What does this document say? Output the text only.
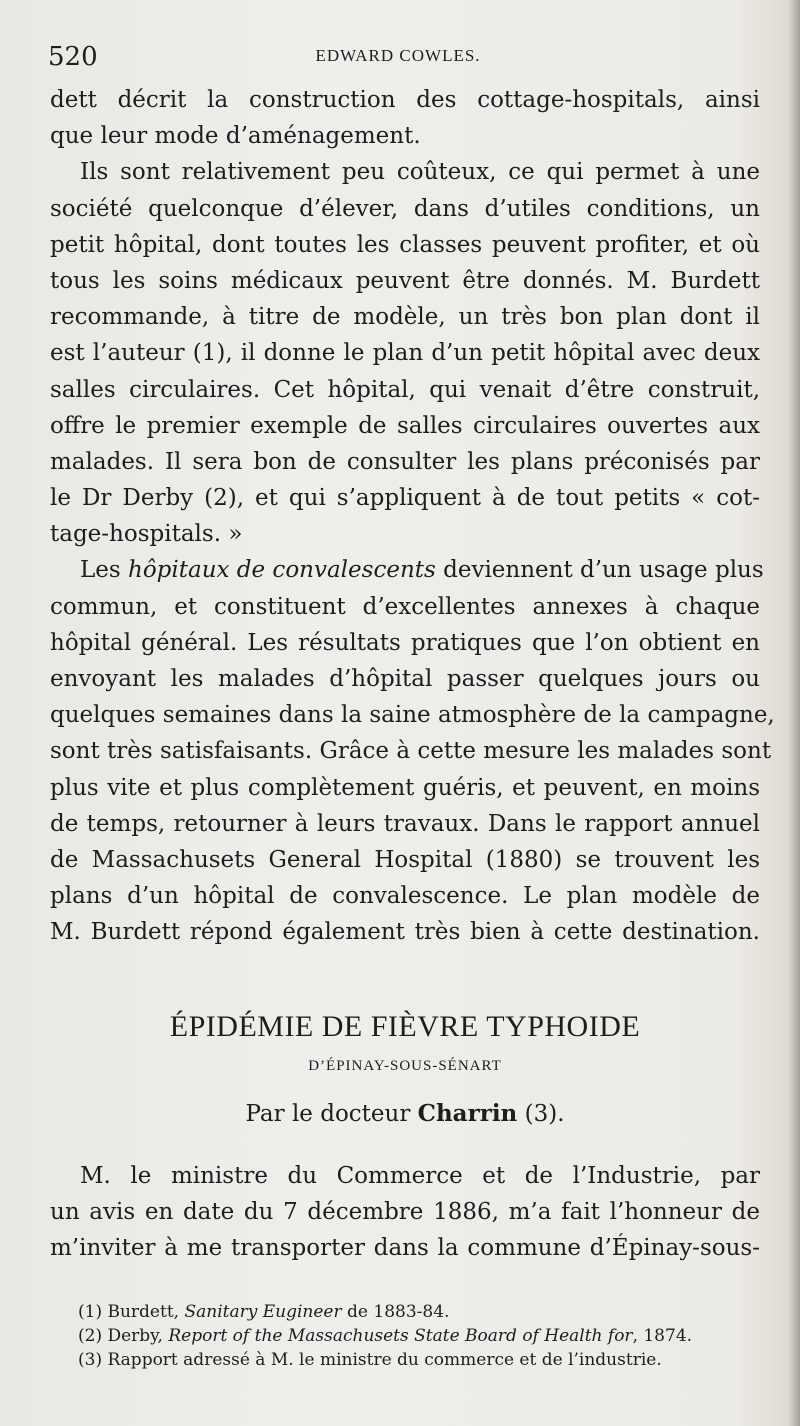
520	EDWARD COWLES.
dett décrit la construction des cottage-hospitals, ainsi
que leur mode d’aménagement.
Ils sont relativement peu coûteux, ce qui permet à une
société quelconque d’élever, dans d’utiles conditions, un
petit hôpital, dont toutes les classes peuvent profiter, et où
tous les soins médicaux peuvent être donnés. M. Burdett
recommande, à titre de modèle, un très bon plan dont il
est l’auteur (1), il donne le plan d’un petit hôpital avec deux
salles circulaires. Cet hôpital, qui venait d’être construit,
offre le premier exemple de salles circulaires ouvertes aux
malades. Il sera bon de consulter les plans préconisés par
le Dr Derby (2), et qui s’appliquent à de tout petits « cot-
tage-hospitals. »
Les hôpitaux de convalescents deviennent d’un usage plus
commun, et constituent d’excellentes annexes à chaque
hôpital général. Les résultats pratiques que l’on obtient en
envoyant les malades d’hôpital passer quelques jours ou
quelques semaines dans la saine atmosphère de la campagne,
sont très satisfaisants. Grâce à cette mesure les malades sont
plus vite et plus complètement guéris, et peuvent, en moins
de temps, retourner à leurs travaux. Dans le rapport annuel
de Massachusets General Hospital (1880) se trouvent les
plans d’un hôpital de convalescence. Le plan modèle de
M. Burdett répond également très bien à cette destination.
ÉPIDÉMIE DE FIÈVRE TYPHOIDE
D’ÉPINAY-SOUS-SÉNART
Par le docteur Charrin (3).
M. le ministre du Commerce et de l’Industrie, par
un avis en date du 7 décembre 1886, m’a fait l’honneur de
m’inviter à me transporter dans la commune d’Épinay-sous-
(1) Burdett, Sanitary Eugineer de 1883-84.
(2) Derby, Report of the Massachusets State Board of Health for, 1874.
(3) Rapport adressé à M. le ministre du commerce et de l’industrie.
